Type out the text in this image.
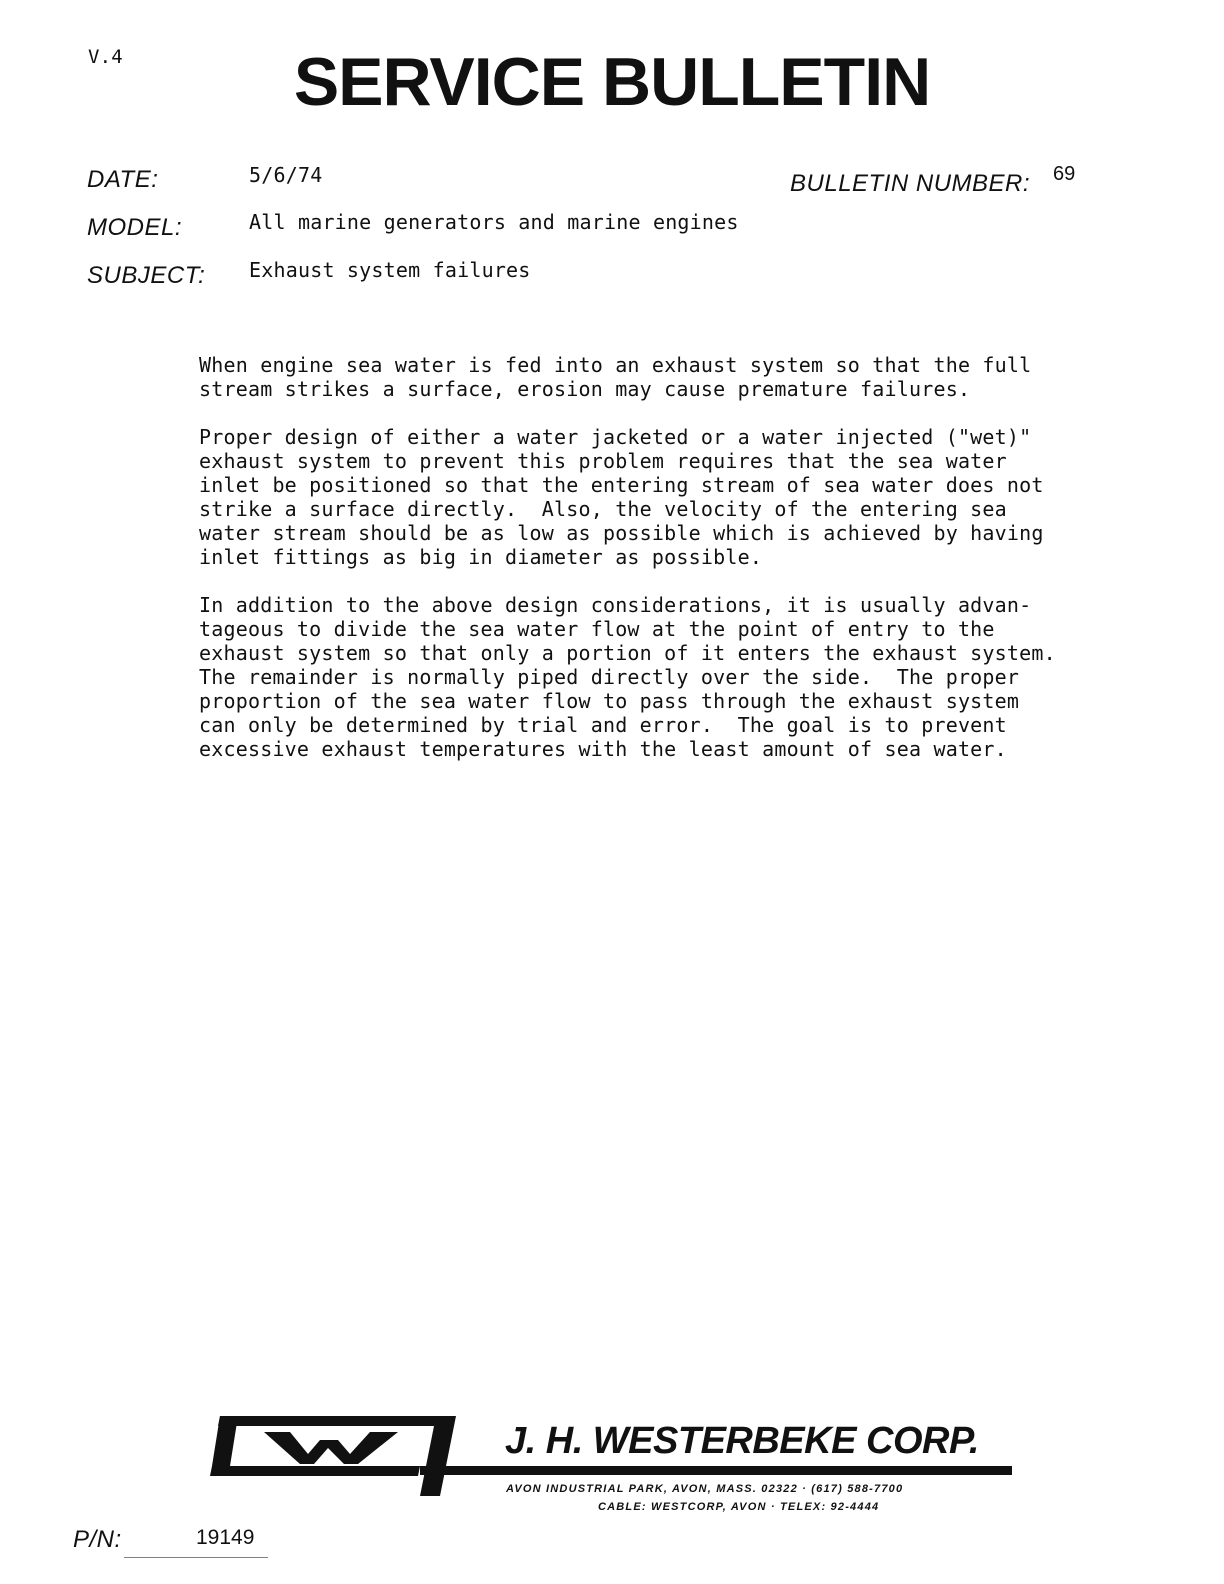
V.4	SERVICE BULLETIN
DATE:	5/6/74	BULLETIN NUMBER: 69
MODEL:	All marine generators and marine engines
SUBJECT: Exhaust system failures

When engine sea water is fed into an exhaust system so that the full
stream strikes a surface, erosion may cause premature failures.

Proper design of either a water jacketed or a water injected ("wet)"
exhaust system to prevent this problem requires that the sea water
inlet be positioned so that the entering stream of sea water does not
strike a surface directly.  Also, the velocity of the entering sea
water stream should be as low as possible which is achieved by having
inlet fittings as big in diameter as possible.

In addition to the above design considerations, it is usually advan-
tageous to divide the sea water flow at the point of entry to the
exhaust system so that only a portion of it enters the exhaust system.
The remainder is normally piped directly over the side.  The proper
proportion of the sea water flow to pass through the exhaust system
can only be determined by trial and error.  The goal is to prevent
excessive exhaust temperatures with the least amount of sea water.

J. H. WESTERBEKE CORP.
AVON INDUSTRIAL PARK, AVON, MASS. 02322 · (617) 588-7700
CABLE: WESTCORP, AVON · TELEX: 92-4444
P/N:	19149
